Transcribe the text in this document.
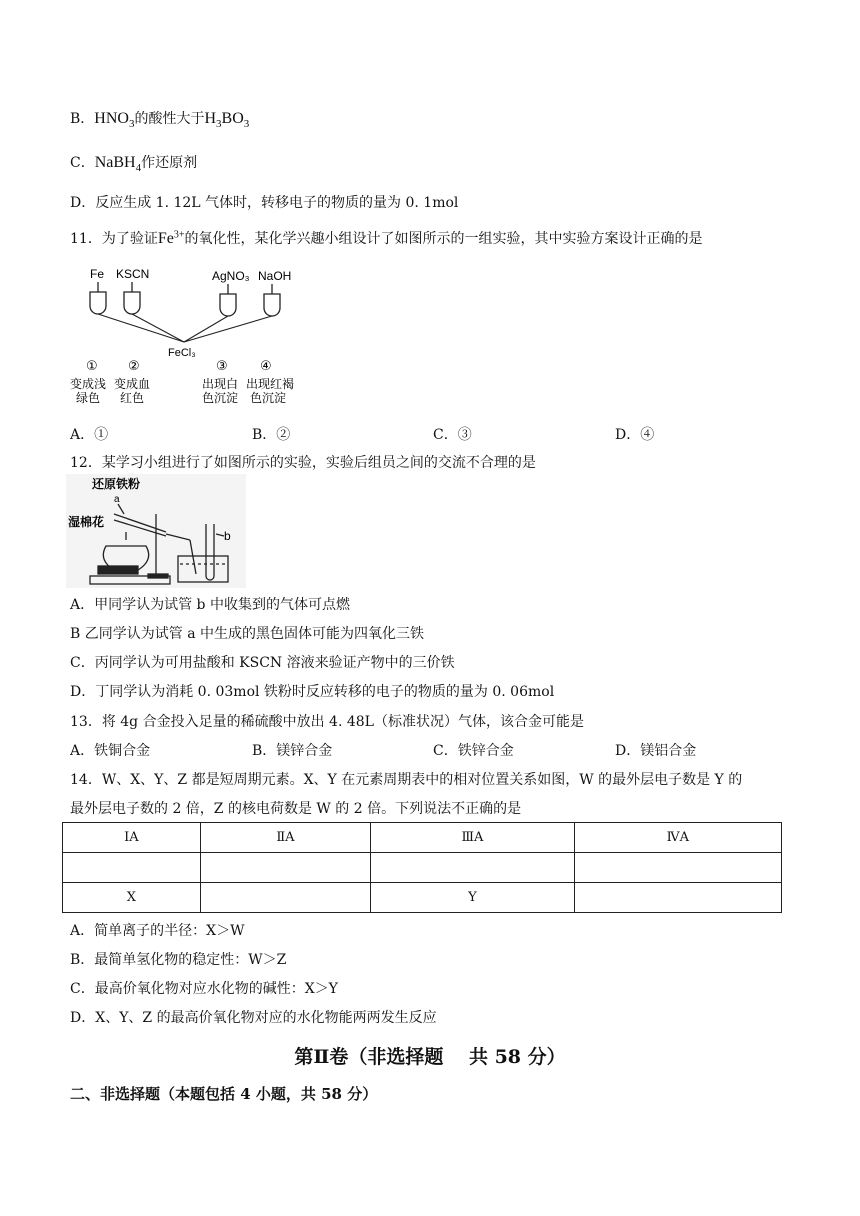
B．$HNO_3$的酸性大于$H_3BO_3$
C．NaBH$_4$作还原剂
D．反应生成 1. 12L 气体时，转移电子的物质的量为 0. 1mol
11．为了验证$Fe^{3+}$的氧化性，某化学兴趣小组设计了如图所示的一组实验，其中实验方案设计正确的是
Fe KSCN	AgNO₃ NaOH
FeCl₃
① ②	③ ④
变成浅
绿色
变成血
红色
出现白
色沉淀
出现红褐
色沉淀
A．①	B．②	C．③	D．④
12．某学习小组进行了如图所示的实验，实验后组员之间的交流不合理的是
还原铁粉
湿棉花
a
b
A．甲同学认为试管 b 中收集到的气体可点燃
B 乙同学认为试管 a 中生成的黑色固体可能为四氧化三铁
C．丙同学认为可用盐酸和 KSCN 溶液来验证产物中的三价铁
D．丁同学认为消耗 0. 03mol 铁粉时反应转移的电子的物质的量为 0. 06mol
13．将 4g 合金投入足量的稀硫酸中放出 4. 48L（标准状况）气体，该合金可能是
A．铁铜合金	B．镁锌合金	C．铁锌合金	D．镁铝合金
14．W、X、Y、Z 都是短周期元素。X、Y 在元素周期表中的相对位置关系如图，W 的最外层电子数是 Y 的
最外层电子数的 2 倍，Z 的核电荷数是 W 的 2 倍。下列说法不正确的是
ⅠA	ⅡA	ⅢA	ⅣA

X		Y	
A．简单离子的半径：X＞W
B．最简单氢化物的稳定性：W＞Z
C．最高价氧化物对应水化物的碱性：X＞Y
D．X、Y、Z 的最高价氧化物对应的水化物能两两发生反应
第Ⅱ卷（非选择题　 共 58 分）
二、非选择题（本题包括 4 小题，共 58 分）
